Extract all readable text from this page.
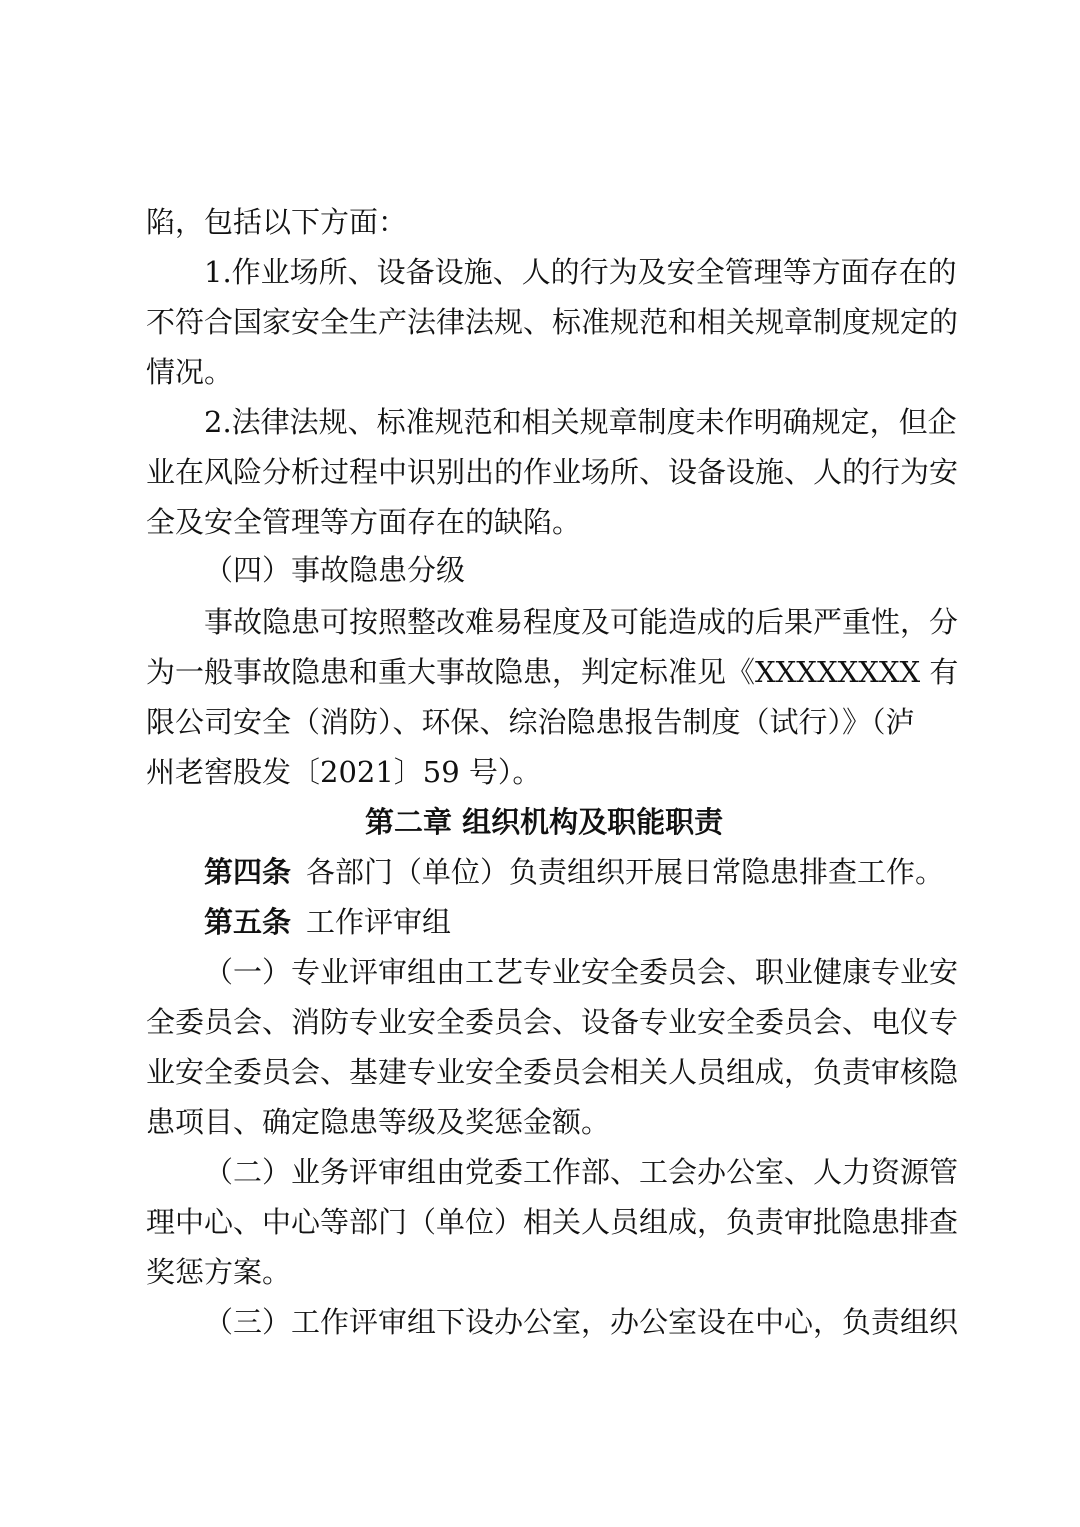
陷，包括以下方面：
1.作业场所、设备设施、人的行为及安全管理等方面存在的
不符合国家安全生产法律法规、标准规范和相关规章制度规定的
情况。
2.法律法规、标准规范和相关规章制度未作明确规定，但企
业在风险分析过程中识别出的作业场所、设备设施、人的行为安
全及安全管理等方面存在的缺陷。
（四）事故隐患分级
事故隐患可按照整改难易程度及可能造成的后果严重性，分
为一般事故隐患和重大事故隐患，判定标准见《XXXXXXXX 有
限公司安全（消防）、环保、综治隐患报告制度（试行）》（泸
州老窖股发〔2021〕59 号）。
第二章 组织机构及职能职责
第四条 各部门（单位）负责组织开展日常隐患排查工作。
第五条 工作评审组
（一）专业评审组由工艺专业安全委员会、职业健康专业安
全委员会、消防专业安全委员会、设备专业安全委员会、电仪专
业安全委员会、基建专业安全委员会相关人员组成，负责审核隐
患项目、确定隐患等级及奖惩金额。
（二）业务评审组由党委工作部、工会办公室、人力资源管
理中心、中心等部门（单位）相关人员组成，负责审批隐患排查
奖惩方案。
（三）工作评审组下设办公室，办公室设在中心，负责组织
